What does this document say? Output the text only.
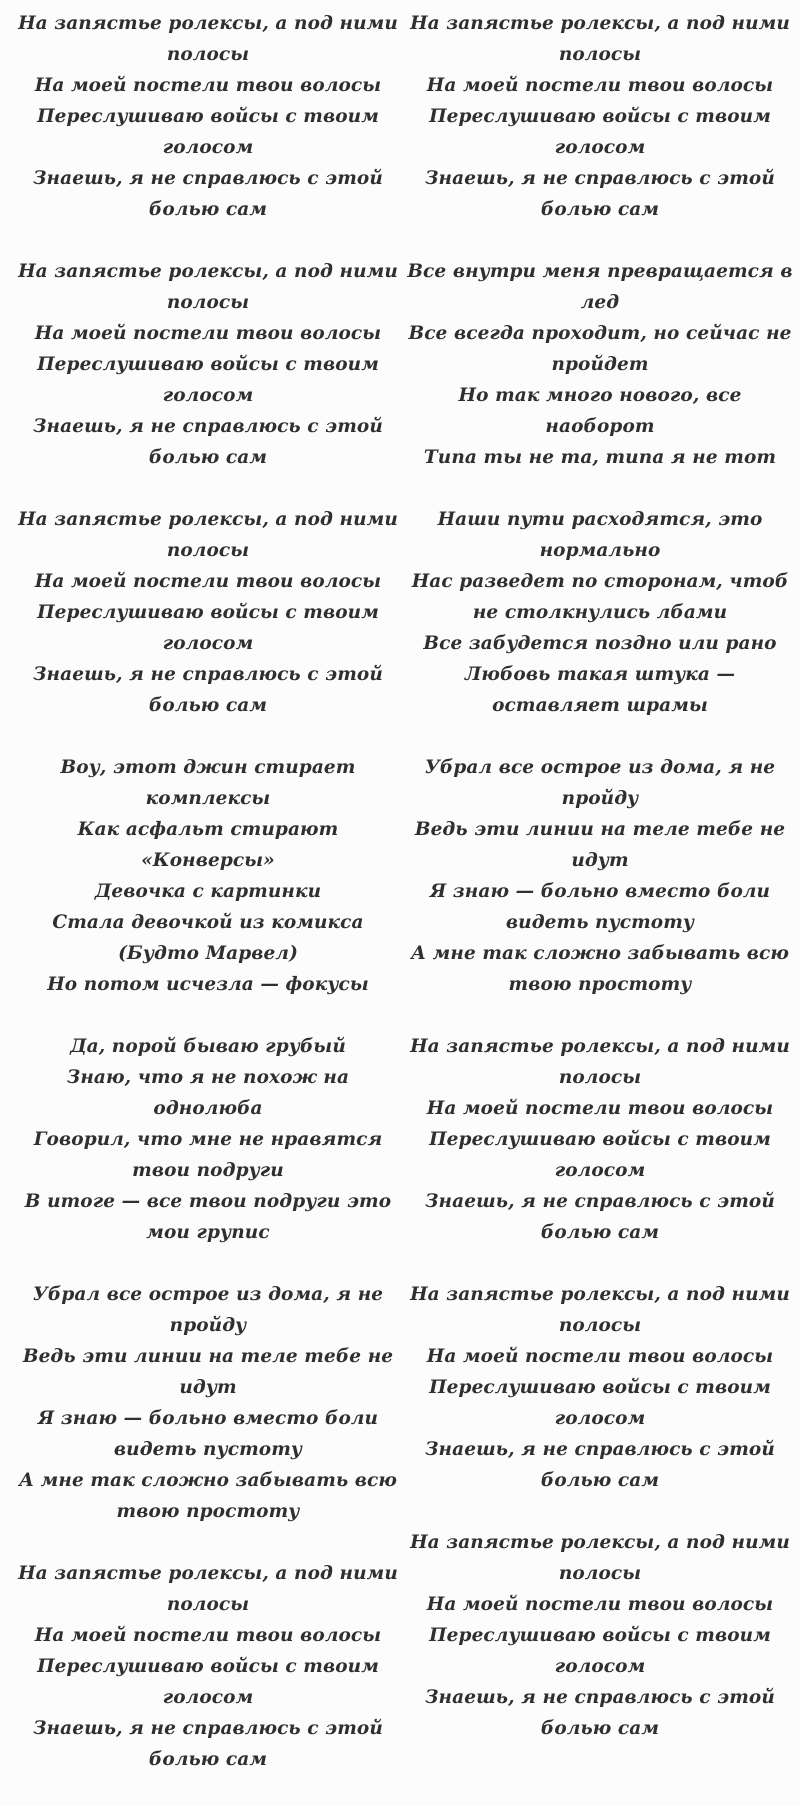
На запястье ролексы, а под ними полосы
На моей постели твои волосы
Переслушиваю войсы с твоим голосом
Знаешь, я не справлюсь с этой болью сам
На запястье ролексы, а под ними полосы
На моей постели твои волосы
Переслушиваю войсы с твоим голосом
Знаешь, я не справлюсь с этой болью сам
На запястье ролексы, а под ними полосы
На моей постели твои волосы
Переслушиваю войсы с твоим голосом
Знаешь, я не справлюсь с этой болью сам
Воу, этот джин стирает комплексы
Как асфальт стирают «Конверсы»
Девочка с картинки
Стала девочкой из комикса (Будто Марвел)
Но потом исчезла — фокусы
Да, порой бываю грубый
Знаю, что я не похож на однолюба
Говорил, что мне не нравятся твои подруги
В итоге — все твои подруги это мои групис
Убрал все острое из дома, я не пройду
Ведь эти линии на теле тебе не идут
Я знаю — больно вместо боли видеть пустоту
А мне так сложно забывать всю твою простоту
На запястье ролексы, а под ними полосы
На моей постели твои волосы
Переслушиваю войсы с твоим голосом
Знаешь, я не справлюсь с этой болью сам
На запястье ролексы, а под ними полосы
На моей постели твои волосы
Переслушиваю войсы с твоим голосом
Знаешь, я не справлюсь с этой болью сам
Все внутри меня превращается в лед
Все всегда проходит, но сейчас не пройдет
Но так много нового, все наоборот
Типа ты не та, типа я не тот
Наши пути расходятся, это нормально
Нас разведет по сторонам, чтоб не столкнулись лбами
Все забудется поздно или рано
Любовь такая штука — оставляет шрамы
Убрал все острое из дома, я не пройду
Ведь эти линии на теле тебе не идут
Я знаю — больно вместо боли видеть пустоту
А мне так сложно забывать всю твою простоту
На запястье ролексы, а под ними полосы
На моей постели твои волосы
Переслушиваю войсы с твоим голосом
Знаешь, я не справлюсь с этой болью сам
На запястье ролексы, а под ними полосы
На моей постели твои волосы
Переслушиваю войсы с твоим голосом
Знаешь, я не справлюсь с этой болью сам
На запястье ролексы, а под ними полосы
На моей постели твои волосы
Переслушиваю войсы с твоим голосом
Знаешь, я не справлюсь с этой болью сам
